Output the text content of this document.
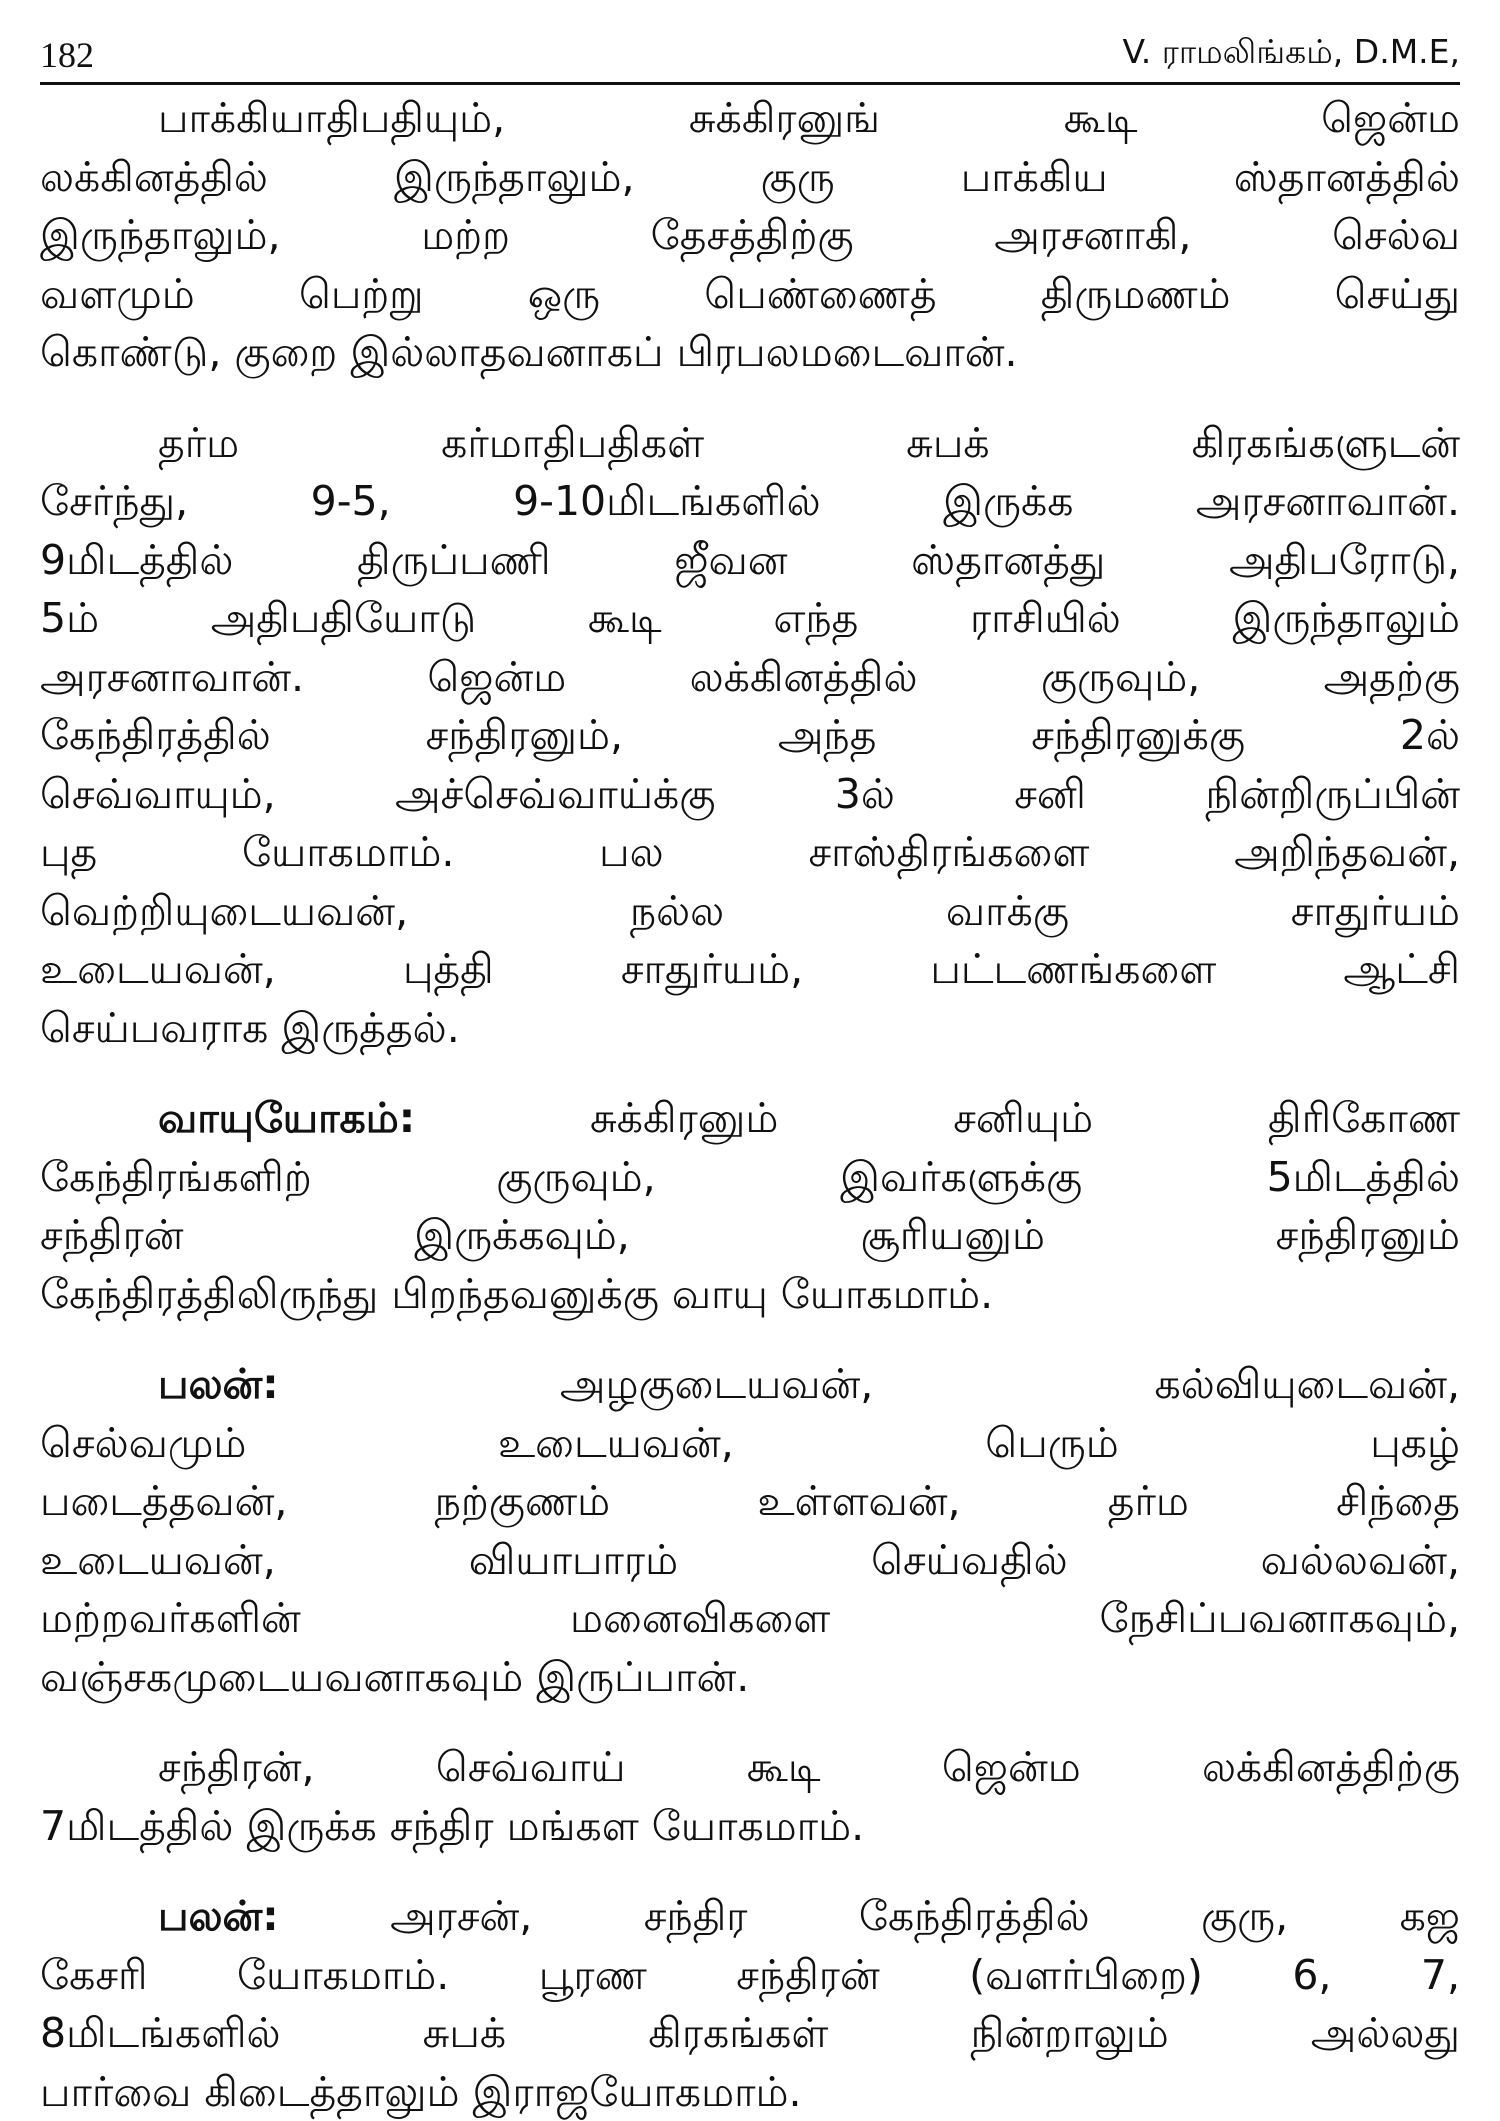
182	V. ராமலிங்கம், D.M.E,
பாக்கியாதிபதியும், சுக்கிரனுங் கூடி ஜென்ம
லக்கினத்தில் இருந்தாலும், குரு பாக்கிய ஸ்தானத்தில்
இருந்தாலும், மற்ற தேசத்திற்கு அரசனாகி, செல்வ
வளமும் பெற்று ஒரு பெண்ணைத் திருமணம் செய்து
கொண்டு, குறை இல்லாதவனாகப் பிரபலமடைவான்.
தர்ம கர்மாதிபதிகள் சுபக் கிரகங்களுடன்
சேர்ந்து, 9-5, 9-10மிடங்களில் இருக்க அரசனாவான்.
9மிடத்தில் திருப்பணி ஜீவன ஸ்தானத்து அதிபரோடு,
5ம் அதிபதியோடு கூடி எந்த ராசியில் இருந்தாலும்
அரசனாவான். ஜென்ம லக்கினத்தில் குருவும், அதற்கு
கேந்திரத்தில் சந்திரனும், அந்த சந்திரனுக்கு 2ல்
செவ்வாயும், அச்செவ்வாய்க்கு 3ல் சனி நின்றிருப்பின்
புத யோகமாம். பல சாஸ்திரங்களை அறிந்தவன்,
வெற்றியுடையவன், நல்ல வாக்கு சாதுர்யம்
உடையவன், புத்தி சாதுர்யம், பட்டணங்களை ஆட்சி
செய்பவராக இருத்தல்.
வாயுயோகம்: சுக்கிரனும் சனியும் திரிகோண
கேந்திரங்களிற் குருவும், இவர்களுக்கு 5மிடத்தில்
சந்திரன் இருக்கவும், சூரியனும் சந்திரனும்
கேந்திரத்திலிருந்து பிறந்தவனுக்கு வாயு யோகமாம்.
பலன்: அழகுடையவன், கல்வியுடைவன்,
செல்வமும் உடையவன், பெரும் புகழ்
படைத்தவன், நற்குணம் உள்ளவன், தர்ம சிந்தை
உடையவன், வியாபாரம் செய்வதில் வல்லவன்,
மற்றவர்களின் மனைவிகளை நேசிப்பவனாகவும்,
வஞ்சகமுடையவனாகவும் இருப்பான்.
சந்திரன், செவ்வாய் கூடி ஜென்ம லக்கினத்திற்கு
7மிடத்தில் இருக்க சந்திர மங்கள யோகமாம்.
பலன்: அரசன், சந்திர கேந்திரத்தில் குரு, கஜ
கேசரி யோகமாம். பூரண சந்திரன் (வளர்பிறை) 6, 7,
8மிடங்களில் சுபக் கிரகங்கள் நின்றாலும் அல்லது
பார்வை கிடைத்தாலும் இராஜயோகமாம்.
